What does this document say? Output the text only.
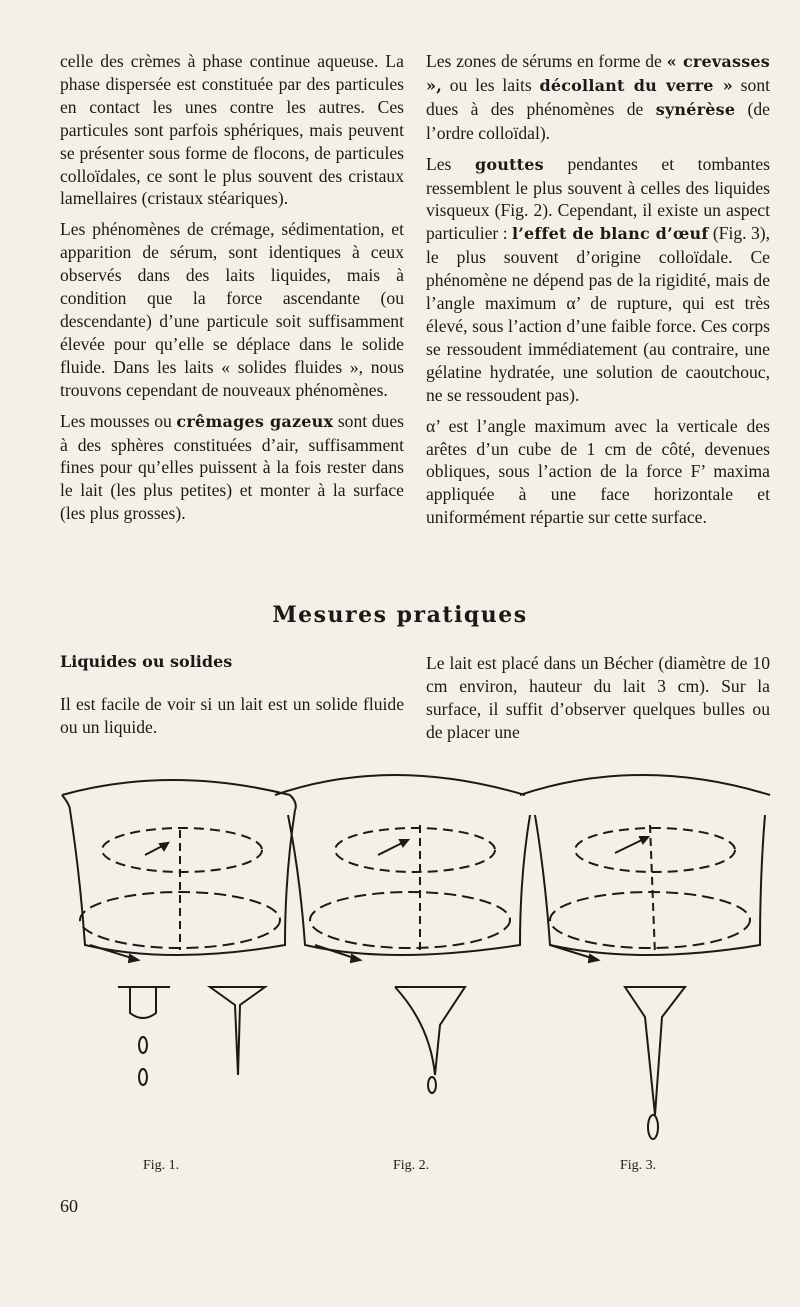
celle des crèmes à phase continue aqueuse. La phase dispersée est constituée par des particules en contact les unes contre les autres. Ces particules sont parfois sphériques, mais peuvent se présenter sous forme de flocons, de particules colloïdales, ce sont le plus souvent des cristaux lamellaires (cristaux stéariques).

Les phénomènes de crémage, sédimentation, et apparition de sérum, sont identiques à ceux observés dans des laits liquides, mais à condition que la force ascendante (ou descendante) d’une particule soit suffisamment élevée pour qu’elle se déplace dans le solide fluide. Dans les laits « solides fluides », nous trouvons cependant de nouveaux phénomènes.

Les mousses ou crêmages gazeux sont dues à des sphères constituées d’air, suffisamment fines pour qu’elles puissent à la fois rester dans le lait (les plus petites) et monter à la surface (les plus grosses).

Les zones de sérums en forme de « crevasses », ou les laits décollant du verre » sont dues à des phénomènes de synérèse (de l’ordre colloïdal).

Les gouttes pendantes et tombantes ressemblent le plus souvent à celles des liquides visqueux (Fig. 2). Cependant, il existe un aspect particulier : l’effet de blanc d’œuf (Fig. 3), le plus souvent d’origine colloïdale. Ce phénomène ne dépend pas de la rigidité, mais de l’angle maximum α’ de rupture, qui est très élevé, sous l’action d’une faible force. Ces corps se ressoudent immédiatement (au contraire, une gélatine hydratée, une solution de caoutchouc, ne se ressoudent pas).

α’ est l’angle maximum avec la verticale des arêtes d’un cube de 1 cm de côté, devenues obliques, sous l’action de la force F’ maxima appliquée à une face horizontale et uniformément répartie sur cette surface.

Mesures pratiques
Liquides ou solides

Il est facile de voir si un lait est un solide fluide ou un liquide.

Le lait est placé dans un Bécher (diamètre de 10 cm environ, hauteur du lait 3 cm). Sur la surface, il suffit d’observer quelques bulles ou de placer une

Fig. 1.	Fig. 2.	Fig. 3.
60
